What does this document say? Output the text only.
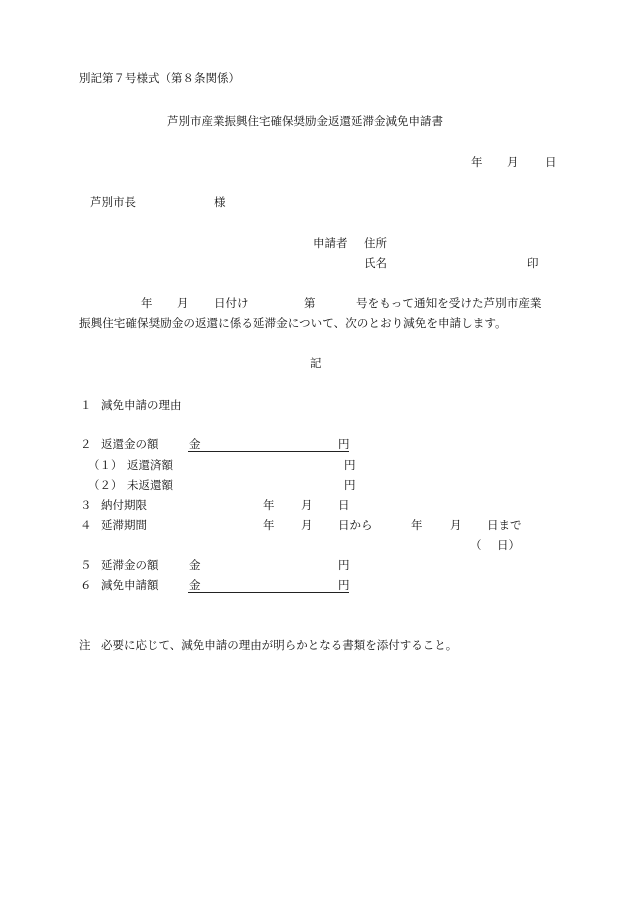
別記第７号様式（第８条関係）
芦別市産業振興住宅確保奨励金返還延滞金減免申請書
年 月 日
芦別市長	様
申請者 住所
氏名	印
年 月 日付け	第	号をもって通知を受けた芦別市産業
振興住宅確保奨励金の返還に係る延滞金について、次のとおり減免を申請します。
記
１ 減免申請の理由
２ 返還金の額	金	円
（１） 返還済額	円
（２） 未返還額	円
３ 納付期限	年 月 日
４ 延滞期間	年 月 日から	年 月 日まで
（ 日）
５ 延滞金の額	金	円
６ 減免申請額	金	円
注 必要に応じて、減免申請の理由が明らかとなる書類を添付すること。
